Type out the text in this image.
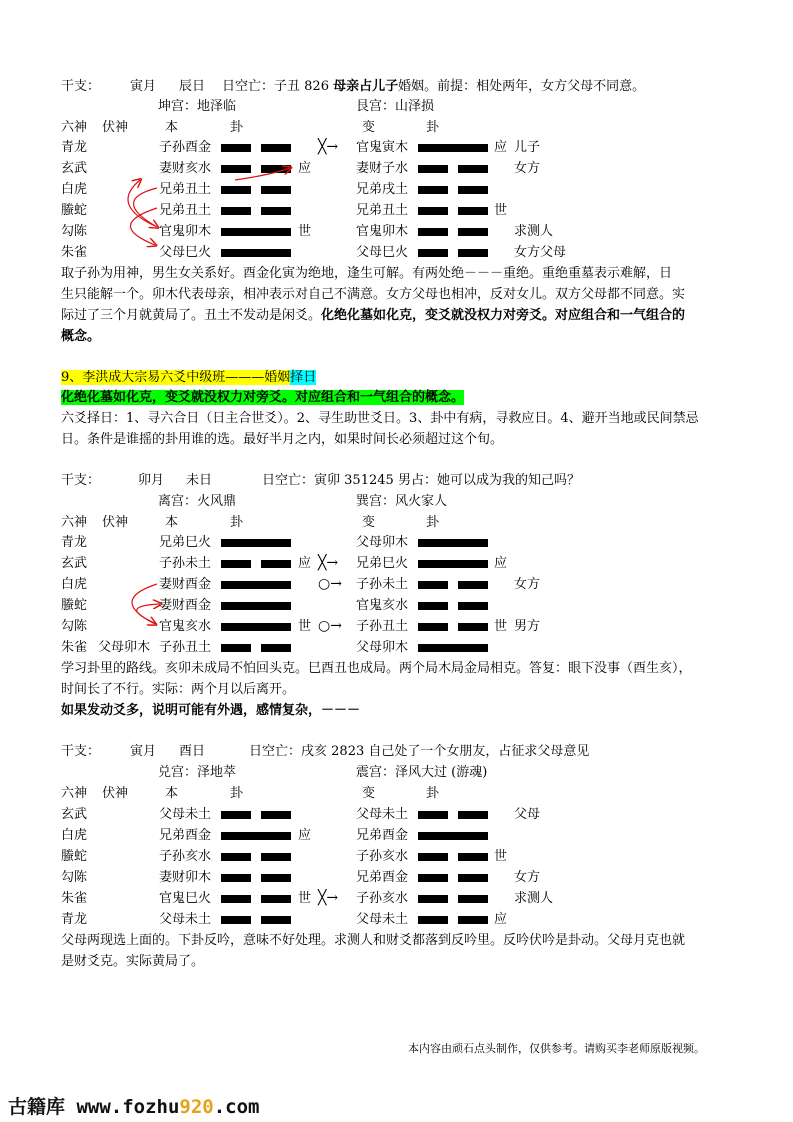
干支： 寅月 辰日 日空亡：子丑 826 母亲占儿子婚姻。前提：相处两年，女方父母不同意。
坤宫：地泽临	艮宫：山泽损
六神 伏神	本	卦	变	卦
青龙	子孙酉金	╳→ 官鬼寅木	应 儿子
玄武	妻财亥水	应	妻财子水	女方
白虎	兄弟丑土	兄弟戌土
螣蛇	兄弟丑土	兄弟丑土	世
勾陈	官鬼卯木	世	官鬼卯木	求测人
朱雀	父母巳火	父母巳火	女方父母
取子孙为用神，男生女关系好。酉金化寅为绝地，逢生可解。有两处绝－－－重绝。重绝重墓表示难解，日
生只能解一个。卯木代表母亲，相冲表示对自己不满意。女方父母也相冲，反对女儿。双方父母都不同意。实
际过了三个月就黄局了。丑土不发动是闲爻。化绝化墓如化克，变爻就没权力对旁爻。对应组合和一气组合的
概念。
9、李洪成大宗易六爻中级班———婚姻择日
化绝化墓如化克，变爻就没权力对旁爻。对应组合和一气组合的概念。
六爻择日：1、寻六合日（日主合世爻）。2、寻生助世爻日。3、卦中有病，寻救应日。4、避开当地或民间禁忌
日。条件是谁摇的卦用谁的选。最好半月之内，如果时间长必须超过这个旬。
干支：	卯月 未日	日空亡：寅卯 351245 男占：她可以成为我的知己吗？
离宫：火风鼎	巽宫：风火家人
六神 伏神	本	卦	变	卦
青龙	兄弟巳火	父母卯木
玄武	子孙未土	应 ╳→ 兄弟巳火	应
白虎	妻财酉金	○→ 子孙未土	女方
螣蛇	妻财酉金	官鬼亥水
勾陈	官鬼亥水	世 ○→ 子孙丑土	世 男方
朱雀 父母卯木 子孙丑土	父母卯木
学习卦里的路线。亥卯未成局不怕回头克。巳酉丑也成局。两个局木局金局相克。答复：眼下没事（酉生亥），
时间长了不行。实际：两个月以后离开。
如果发动爻多，说明可能有外遇，感情复杂，－－－
干支： 寅月 酉日	日空亡：戌亥 2823 自己处了一个女朋友，占征求父母意见
兑宫：泽地萃	震宫：泽风大过 (游魂)
六神 伏神	本	卦	变	卦
玄武	父母未土	父母未土	父母
白虎	兄弟酉金	应	兄弟酉金
螣蛇	子孙亥水	子孙亥水	世
勾陈	妻财卯木	兄弟酉金	女方
朱雀	官鬼巳火	世 ╳→ 子孙亥水	求测人
青龙	父母未土	父母未土	应
父母两现选上面的。下卦反吟，意味不好处理。求测人和财爻都落到反吟里。反吟伏吟是卦动。父母月克也就
是财爻克。实际黄局了。
本内容由顽石点头制作，仅供参考。请购买李老师原版视频。
古籍库 www.fozhu920.com
